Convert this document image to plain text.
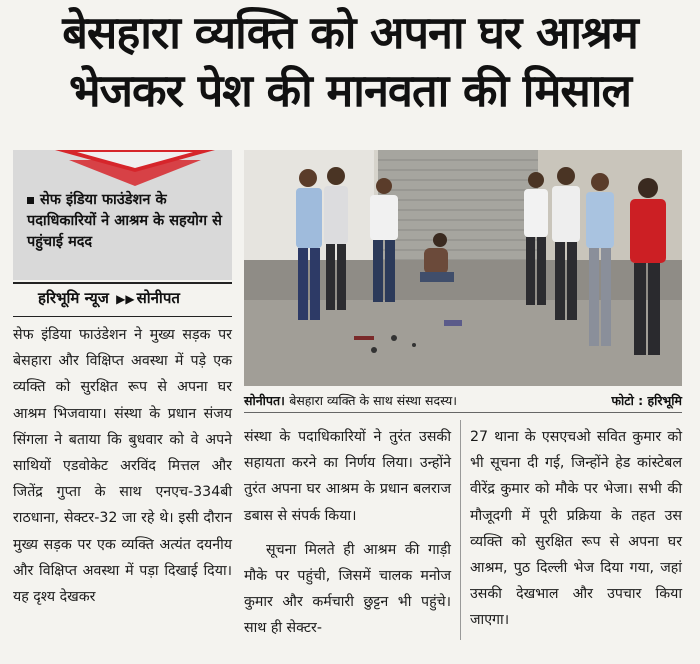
बेसहारा व्यक्ति को अपना घर आश्रम
भेजकर पेश की मानवता की मिसाल
सेफ इंडिया फाउंडेशन के पदाधिकारियों ने आश्रम के सहयोग से पहुंचाई मदद
हरिभूमि न्यूज ▶▶ सोनीपत

सेफ इंडिया फाउंडेशन ने मुख्य सड़क पर बेसहारा और विक्षिप्त अवस्था में पड़े एक व्यक्ति को सुरक्षित रूप से अपना घर आश्रम भिजवाया। संस्था के प्रधान संजय सिंगला ने बताया कि बुधवार को वे अपने साथियों एडवोकेट अरविंद मित्तल और जितेंद्र गुप्ता के साथ एनएच-334बी राठधाना, सेक्टर-32 जा रहे थे। इसी दौरान मुख्य सड़क पर एक व्यक्ति अत्यंत दयनीय और विक्षिप्त अवस्था में पड़ा दिखाई दिया। यह दृश्य देखकर

सोनीपत। बेसहारा व्यक्ति के साथ संस्था सदस्य।	फोटो : हरिभूमि

संस्था के पदाधिकारियों ने तुरंत उसकी सहायता करने का निर्णय लिया। उन्होंने तुरंत अपना घर आश्रम के प्रधान बलराज डबास से संपर्क किया।

सूचना मिलते ही आश्रम की गाड़ी मौके पर पहुंची, जिसमें चालक मनोज कुमार और कर्मचारी छुट्टन भी पहुंचे। साथ ही सेक्टर-

27 थाना के एसएचओ सवित कुमार को भी सूचना दी गई, जिन्होंने हेड कांस्टेबल वीरेंद्र कुमार को मौके पर भेजा। सभी की मौजूदगी में पूरी प्रक्रिया के तहत उस व्यक्ति को सुरक्षित रूप से अपना घर आश्रम, पुठ दिल्ली भेज दिया गया, जहां उसकी देखभाल और उपचार किया जाएगा।
